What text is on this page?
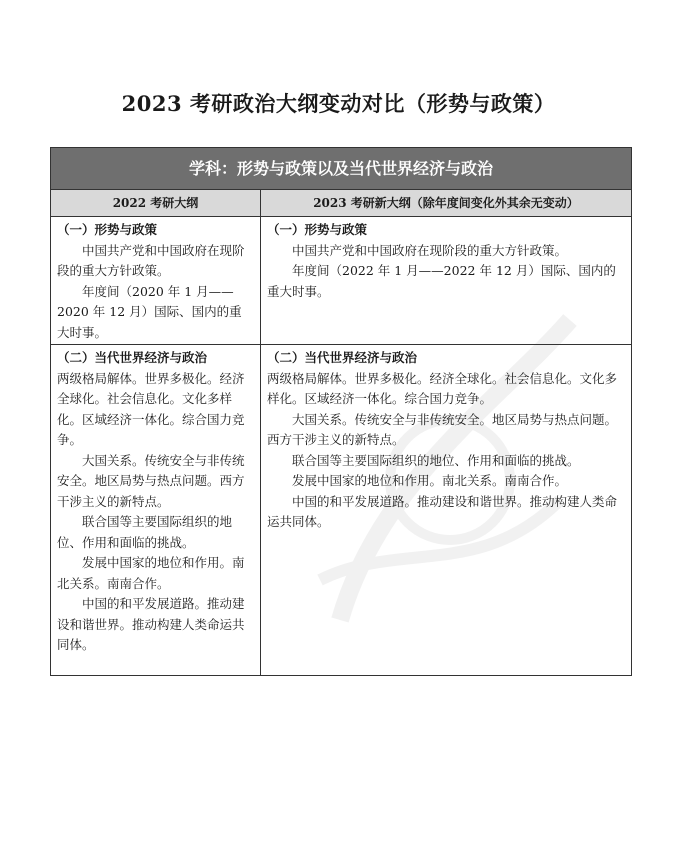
2023 考研政治大纲变动对比（形势与政策）
学科：形势与政策以及当代世界经济与政治
2022 考研大纲	2023 考研新大纲（除年度间变化外其余无变动）
（一）形势与政策

中国共产党和中国政府在现阶段的重大方针政策。

年度间（2020 年 1 月——2020 年 12 月）国际、国内的重大时事。

（一）形势与政策

中国共产党和中国政府在现阶段的重大方针政策。

年度间（2022 年 1 月——2022 年 12 月）国际、国内的重大时事。

（二）当代世界经济与政治

两级格局解体。世界多极化。经济全球化。社会信息化。文化多样化。区域经济一体化。综合国力竞争。

大国关系。传统安全与非传统安全。地区局势与热点问题。西方干涉主义的新特点。

联合国等主要国际组织的地位、作用和面临的挑战。

发展中国家的地位和作用。南北关系。南南合作。

中国的和平发展道路。推动建设和谐世界。推动构建人类命运共同体。

（二）当代世界经济与政治

两级格局解体。世界多极化。经济全球化。社会信息化。文化多样化。区域经济一体化。综合国力竞争。

大国关系。传统安全与非传统安全。地区局势与热点问题。西方干涉主义的新特点。

联合国等主要国际组织的地位、作用和面临的挑战。

发展中国家的地位和作用。南北关系。南南合作。

中国的和平发展道路。推动建设和谐世界。推动构建人类命运共同体。
